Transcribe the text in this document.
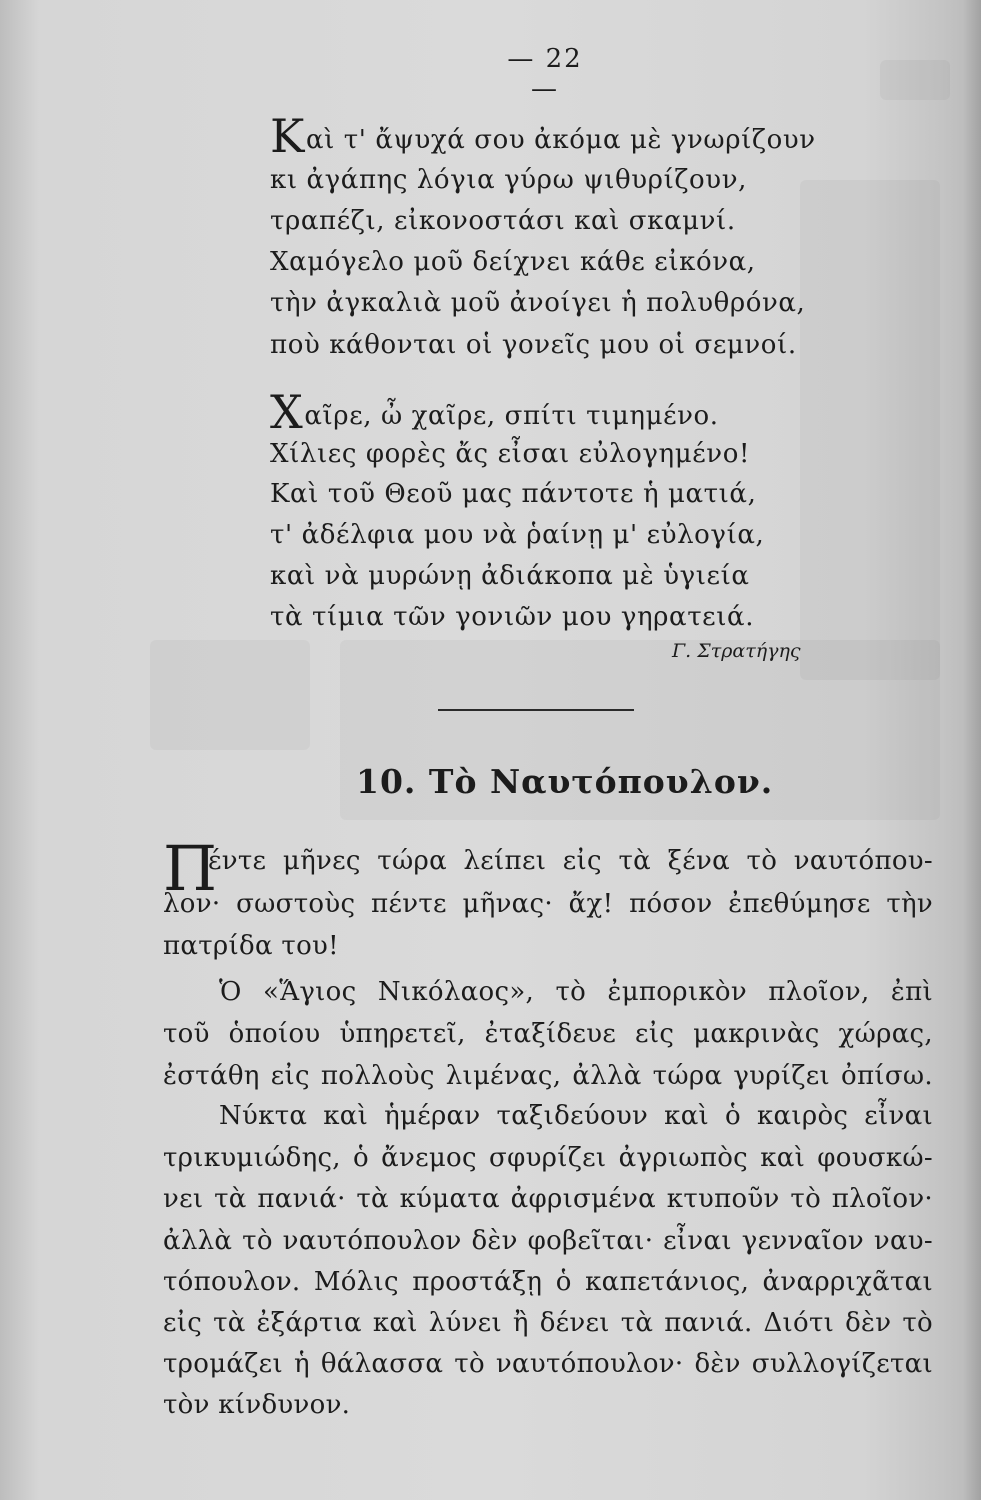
— 22 —
Καὶ τ' ἄψυχά σου ἀκόμα μὲ γνωρίζουν
κι ἀγάπης λόγια γύρω ψιθυρίζουν,
τραπέζι, εἰκονοστάσι καὶ σκαμνί.
Χαμόγελο μοῦ δείχνει κάθε εἰκόνα,
τὴν ἀγκαλιὰ μοῦ ἀνοίγει ἡ πολυθρόνα,
ποὺ κάθονται οἱ γονεῖς μου οἱ σεμνοί.
Χαῖρε, ὦ χαῖρε, σπίτι τιμημένο.
Χίλιες φορὲς ἄς εἶσαι εὐλογημένο!
Καὶ τοῦ Θεοῦ μας πάντοτε ἡ ματιά,
τ' ἀδέλφια μου νὰ ῥαίνῃ μ' εὐλογία,
καὶ νὰ μυρώνῃ ἀδιάκοπα μὲ ὑγιεία
τὰ τίμια τῶν γονιῶν μου γηρατειά.
Γ. Στρατήγης
10. Τὸ Ναυτόπουλον.
Π
έντε μῆνες τώρα λείπει εἰς τὰ ξένα τὸ ναυτόπου-
λον· σωστοὺς πέντε μῆνας· ἄχ! πόσον ἐπεθύμησε τὴν
πατρίδα του!
Ὁ «Ἅγιος Νικόλαος», τὸ ἐμπορικὸν πλοῖον, ἐπὶ
τοῦ ὁποίου ὑπηρετεῖ, ἐταξίδευε εἰς μακρινὰς χώρας,
ἐστάθη εἰς πολλοὺς λιμένας, ἀλλὰ τώρα γυρίζει ὀπίσω.
Νύκτα καὶ ἡμέραν ταξιδεύουν καὶ ὁ καιρὸς εἶναι
τρικυμιώδης, ὁ ἄνεμος σφυρίζει ἀγριωπὸς καὶ φουσκώ-
νει τὰ πανιά· τὰ κύματα ἀφρισμένα κτυποῦν τὸ πλοῖον·
ἀλλὰ τὸ ναυτόπουλον δὲν φοβεῖται· εἶναι γενναῖον ναυ-
τόπουλον. Μόλις προστάξῃ ὁ καπετάνιος, ἀναρριχᾶται
εἰς τὰ ἐξάρτια καὶ λύνει ἢ δένει τὰ πανιά. Διότι δὲν τὸ
τρομάζει ἡ θάλασσα τὸ ναυτόπουλον· δὲν συλλογίζεται
τὸν κίνδυνον.
